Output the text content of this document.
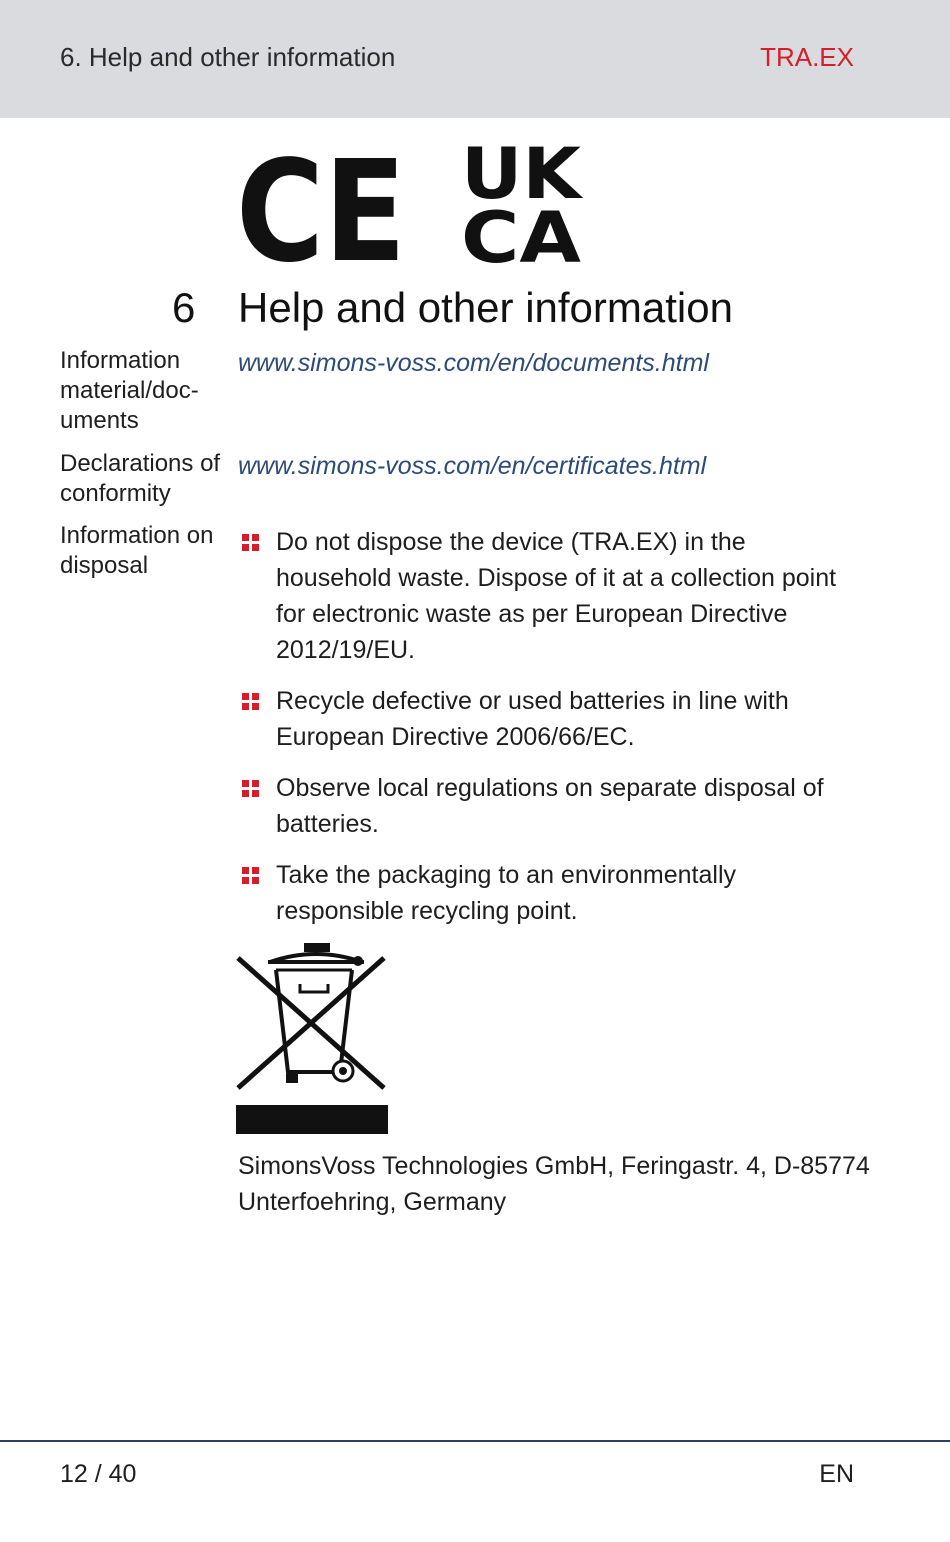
6. Help and other information	TRA.EX
CE UK
CA
6 Help and other information
Information material/doc-uments
www.simons-voss.com/en/documents.html
Declarations of conformity
www.simons-voss.com/en/certificates.html
Information on disposal
Do not dispose the device (TRA.EX) in the household waste. Dispose of it at a collection point for electronic waste as per European Directive 2012/19/EU.
Recycle defective or used batteries in line with European Directive 2006/66/EC.
Observe local regulations on separate disposal of batteries.
Take the packaging to an environmentally responsible recycling point.
SimonsVoss Technologies GmbH, Feringastr. 4, D-85774 Unterfoehring, Germany
12 / 40	EN
